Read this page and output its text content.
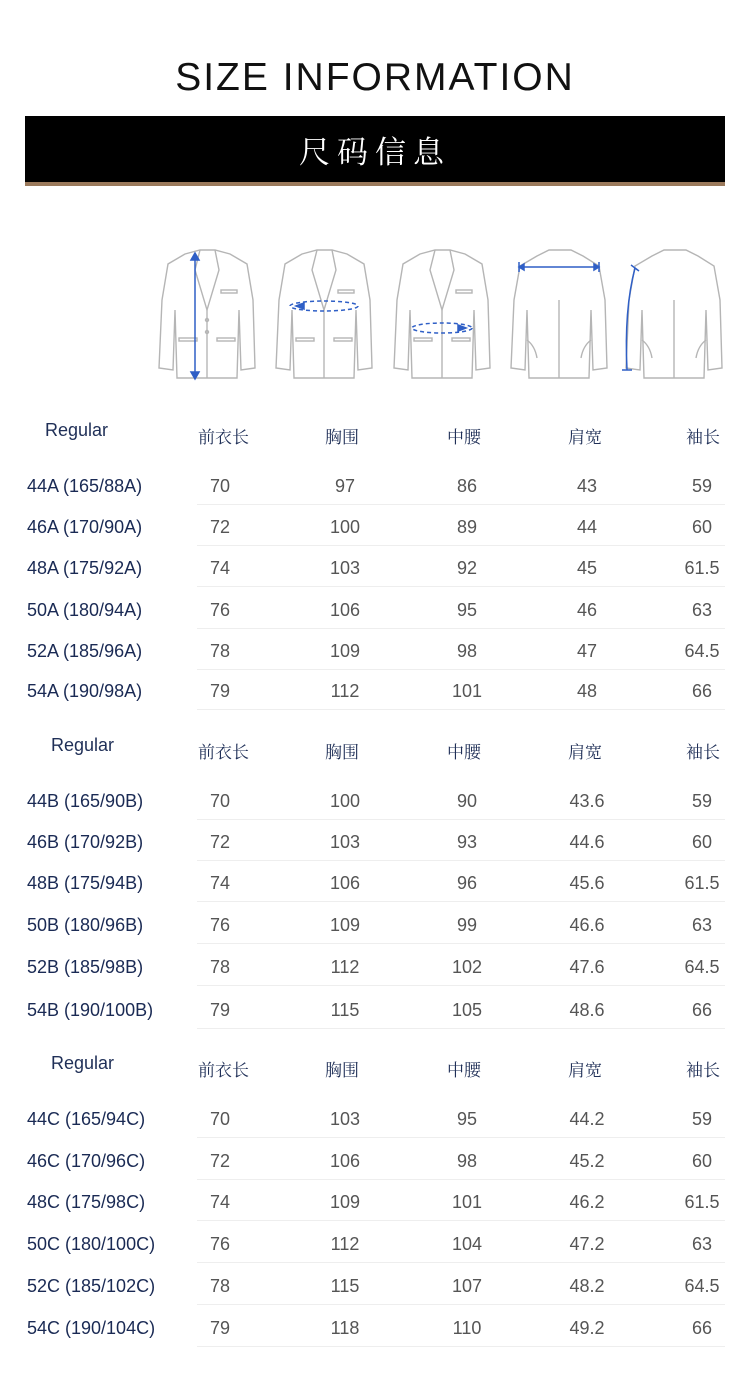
SIZE INFORMATION
尺码信息
Regular	前衣长	胸围	中腰	肩宽	袖长
44A (165/88A)	70	97	86	43	59
46A (170/90A)	72	100	89	44	60
48A (175/92A)	74	103	92	45	61.5
50A (180/94A)	76	106	95	46	63
52A (185/96A)	78	109	98	47	64.5
54A (190/98A)	79	112	101	48	66
Regular	前衣长	胸围	中腰	肩宽	袖长
44B (165/90B)	70	100	90	43.6	59
46B (170/92B)	72	103	93	44.6	60
48B (175/94B)	74	106	96	45.6	61.5
50B (180/96B)	76	109	99	46.6	63
52B (185/98B)	78	112	102	47.6	64.5
54B (190/100B)	79	115	105	48.6	66
Regular	前衣长	胸围	中腰	肩宽	袖长
44C (165/94C)	70	103	95	44.2	59
46C (170/96C)	72	106	98	45.2	60
48C (175/98C)	74	109	101	46.2	61.5
50C (180/100C)	76	112	104	47.2	63
52C (185/102C)	78	115	107	48.2	64.5
54C (190/104C)	79	118	110	49.2	66
